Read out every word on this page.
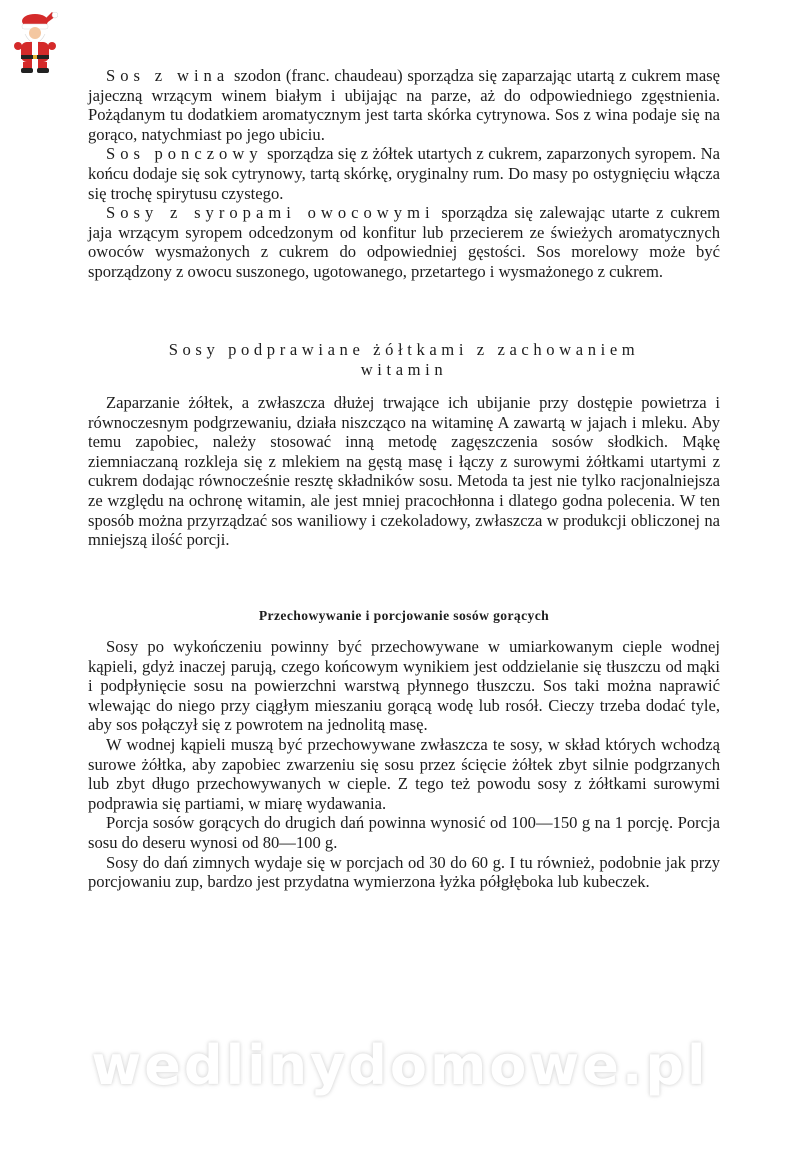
Sos z wina szodon (franc. chaudeau) sporządza się zaparzając utartą z cukrem masę jajeczną wrzącym winem białym i ubijając na parze, aż do odpowiedniego zgęstnienia. Pożądanym tu dodatkiem aromatycznym jest tarta skórka cytrynowa. Sos z wina podaje się na gorąco, natychmiast po jego ubiciu.

Sos ponczowy sporządza się z żółtek utartych z cukrem, zaparzonych syropem. Na końcu dodaje się sok cytrynowy, tartą skórkę, oryginalny rum. Do masy po ostygnięciu włącza się trochę spirytusu czystego.

Sosy z syropami owocowymi sporządza się zalewając utarte z cukrem jaja wrzącym syropem odcedzonym od konfitur lub przecierem ze świeżych aromatycznych owoców wysmażonych z cukrem do odpowiedniej gęstości. Sos morelowy może być sporządzony z owocu suszonego, ugotowanego, przetartego i wysmażonego z cukrem.

Sosy podprawiane żółtkami z zachowaniem

witamin

Zaparzanie żółtek, a zwłaszcza dłużej trwające ich ubijanie przy dostępie powietrza i równoczesnym podgrzewaniu, działa niszcząco na witaminę A zawartą w jajach i mleku. Aby temu zapobiec, należy stosować inną metodę zagęszczenia sosów słodkich. Mąkę ziemniaczaną rozkleja się z mlekiem na gęstą masę i łączy z surowymi żółtkami utartymi z cukrem dodając równocześnie resztę składników sosu. Metoda ta jest nie tylko racjonalniejsza ze względu na ochronę witamin, ale jest mniej pracochłonna i dlatego godna polecenia. W ten sposób można przyrządzać sos waniliowy i czekoladowy, zwłaszcza w produkcji obliczonej na mniejszą ilość porcji.

Przechowywanie i porcjowanie sosów gorących

Sosy po wykończeniu powinny być przechowywane w umiarkowanym cieple wodnej kąpieli, gdyż inaczej parują, czego końcowym wynikiem jest oddzielanie się tłuszczu od mąki i podpłynięcie sosu na powierzchni warstwą płynnego tłuszczu. Sos taki można naprawić wlewając do niego przy ciągłym mieszaniu gorącą wodę lub rosół. Cieczy trzeba dodać tyle, aby sos połączył się z powrotem na jednolitą masę.

W wodnej kąpieli muszą być przechowywane zwłaszcza te sosy, w skład których wchodzą surowe żółtka, aby zapobiec zwarzeniu się sosu przez ścięcie żółtek zbyt silnie podgrzanych lub zbyt długo przechowywanych w cieple. Z tego też powodu sosy z żółtkami surowymi podprawia się partiami, w miarę wydawania.

Porcja sosów gorących do drugich dań powinna wynosić od 100—150 g na 1 porcję. Porcja sosu do deseru wynosi od 80—100 g.

Sosy do dań zimnych wydaje się w porcjach od 30 do 60 g. I tu również, podobnie jak przy porcjowaniu zup, bardzo jest przydatna wymierzona łyżka półgłęboka lub kubeczek.

wedlinydomowe.pl
